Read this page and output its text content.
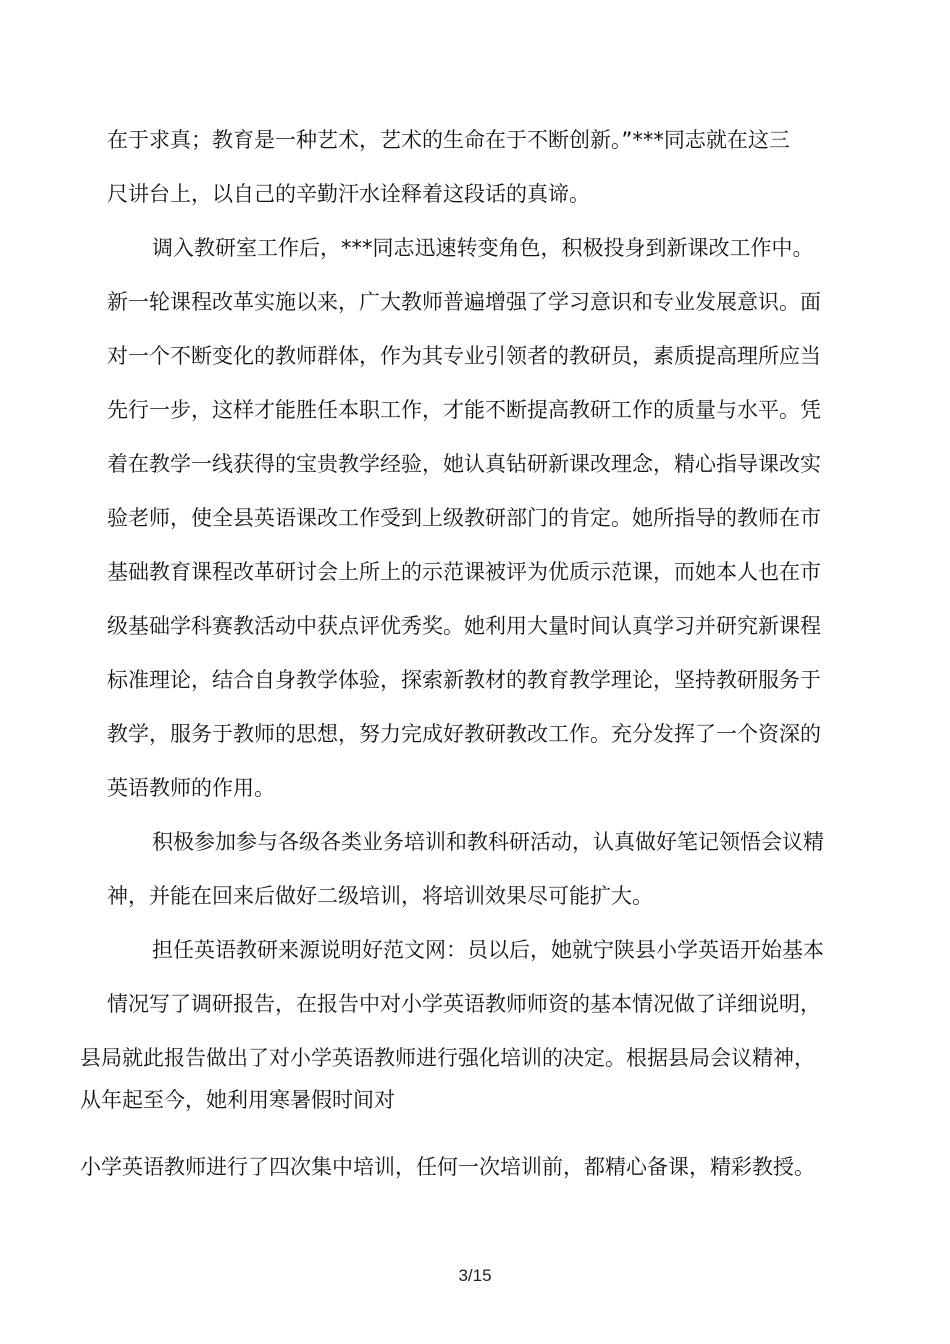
在于求真；教育是一种艺术，艺术的生命在于不断创新。”***同志就在这三
尺讲台上，以自己的辛勤汗水诠释着这段话的真谛。
调入教研室工作后，***同志迅速转变角色，积极投身到新课改工作中。
新一轮课程改革实施以来，广大教师普遍增强了学习意识和专业发展意识。面
对一个不断变化的教师群体，作为其专业引领者的教研员，素质提高理所应当
先行一步，这样才能胜任本职工作，才能不断提高教研工作的质量与水平。凭
着在教学一线获得的宝贵教学经验，她认真钻研新课改理念，精心指导课改实
验老师，使全县英语课改工作受到上级教研部门的肯定。她所指导的教师在市
基础教育课程改革研讨会上所上的示范课被评为优质示范课，而她本人也在市
级基础学科赛教活动中获点评优秀奖。她利用大量时间认真学习并研究新课程
标准理论，结合自身教学体验，探索新教材的教育教学理论，坚持教研服务于
教学，服务于教师的思想，努力完成好教研教改工作。充分发挥了一个资深的
英语教师的作用。
积极参加参与各级各类业务培训和教科研活动，认真做好笔记领悟会议精
神，并能在回来后做好二级培训，将培训效果尽可能扩大。
担任英语教研来源说明好范文网：员以后，她就宁陕县小学英语开始基本
情况写了调研报告，在报告中对小学英语教师师资的基本情况做了详细说明，
县局就此报告做出了对小学英语教师进行强化培训的决定。根据县局会议精神，
从年起至今，她利用寒暑假时间对
小学英语教师进行了四次集中培训，任何一次培训前，都精心备课，精彩教授。
3/15
